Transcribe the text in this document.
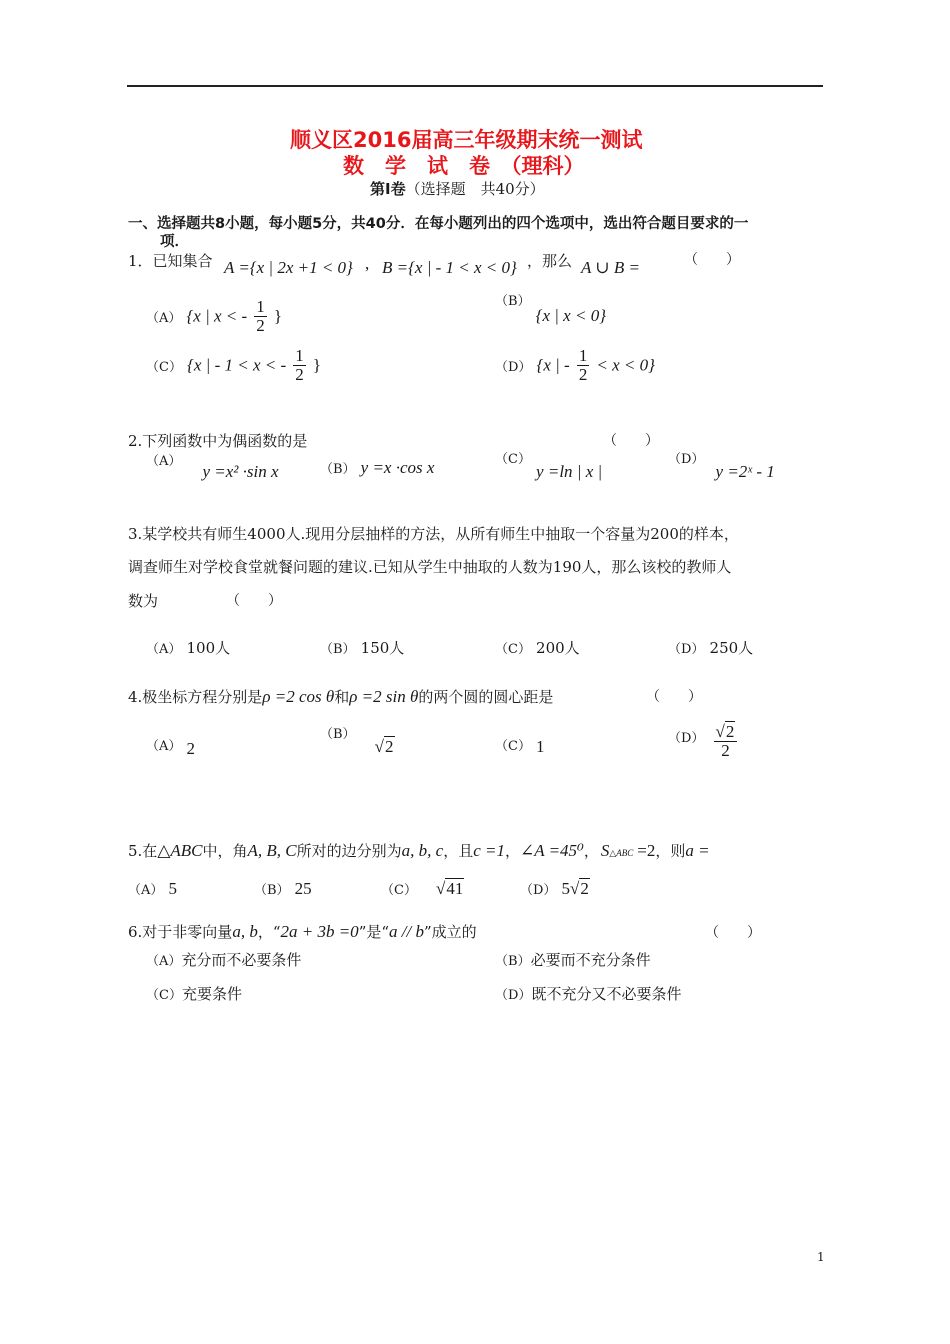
顺义区2016届高三年级期末统一测试
数　学　试　卷　（理科）
第Ⅰ卷（选择题　共40分）
一、选择题共8小题，每小题5分，共40分．在每小题列出的四个选项中，选出符合题目要求的一
项．
1．已知集合 A ={x | 2x +1 < 0} , B ={x | - 1 < x < 0} ，那么 A ∪ B =	（　　）
（A） {x | x < - $\frac{1}{2}$ }
$^{(B)}$ {x | x < 0}
（C） {x | - 1 < x < - $\frac{1}{2}$ }	（D） {x | - $\frac{1}{2} < x < 0$}
2.下列函数中为偶函数的是	（　　）
$^{(A)}$ y =x² ·sin x	（B） y =x ·cos x	$^{(C)}$ y =ln | x |
$^{(D)}$ y =2ˣ - 1
3.某学校共有师生4000人.现用分层抽样的方法，从所有师生中抽取一个容量为200的样本，
调查师生对学校食堂就餐问题的建议.已知从学生中抽取的人数为190人，那么该校的教师人
数为	（　　）
（A） 100人	（B） 150人	（C） 200人	（D） 250人
4.极坐标方程分别是ρ =2 cos θ和ρ =2 sin θ的两个圆的圆心距是	（　　）
（A） 2
$^{(B)}$ √2	（C） 1	$^{(D)} \frac{√2}{2}$
5.在△ABC中，角A, B, C所对的边分别为a, b, c，且c =1，∠A =45⁰， S△ABC =2，则a =
（A） 5	（B） 25	（C） √41	（D） 5√2
6.对于非零向量a, b，“2a + 3b =0”是“a // b”成立的	（　　）
（A）充分而不必要条件	（B）必要而不充分条件
（C）充要条件	（D）既不充分又不必要条件
1
